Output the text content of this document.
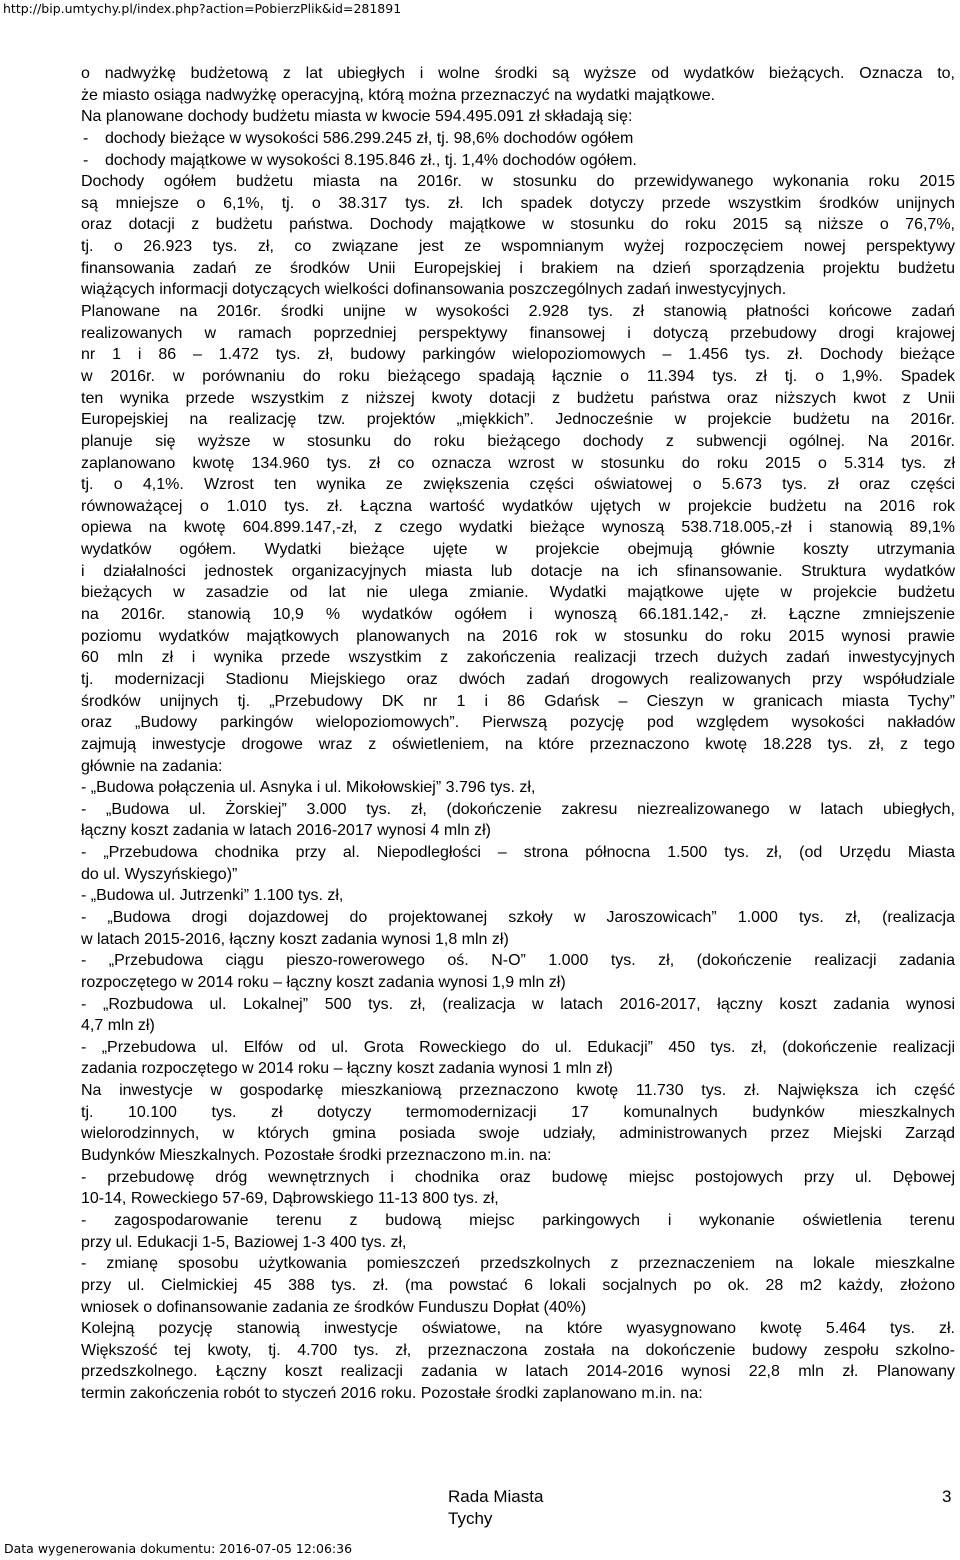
http://bip.umtychy.pl/index.php?action=PobierzPlik&id=281891
o nadwyżkę budżetową z lat ubiegłych i wolne środki są wyższe od wydatków bieżących. Oznacza to,
że miasto osiąga nadwyżkę operacyjną, którą można przeznaczyć na wydatki majątkowe.
Na planowane dochody budżetu miasta w kwocie 594.495.091 zł składają się:
- dochody bieżące w wysokości 586.299.245 zł, tj. 98,6% dochodów ogółem
- dochody majątkowe w wysokości 8.195.846 zł., tj. 1,4% dochodów ogółem.
Dochody ogółem budżetu miasta na 2016r. w stosunku do przewidywanego wykonania roku 2015
są mniejsze o 6,1%, tj. o 38.317 tys. zł. Ich spadek dotyczy przede wszystkim środków unijnych
oraz dotacji z budżetu państwa. Dochody majątkowe w stosunku do roku 2015 są niższe o 76,7%,
tj. o 26.923 tys. zł, co związane jest ze wspomnianym wyżej rozpoczęciem nowej perspektywy
finansowania zadań ze środków Unii Europejskiej i brakiem na dzień sporządzenia projektu budżetu
wiążących informacji dotyczących wielkości dofinansowania poszczególnych zadań inwestycyjnych.
Planowane na 2016r. środki unijne w wysokości 2.928 tys. zł stanowią płatności końcowe zadań
realizowanych w ramach poprzedniej perspektywy finansowej i dotyczą przebudowy drogi krajowej
nr 1 i 86 – 1.472 tys. zł, budowy parkingów wielopoziomowych – 1.456 tys. zł. Dochody bieżące
w 2016r. w porównaniu do roku bieżącego spadają łącznie o 11.394 tys. zł tj. o 1,9%. Spadek
ten wynika przede wszystkim z niższej kwoty dotacji z budżetu państwa oraz niższych kwot z Unii
Europejskiej na realizację tzw. projektów „miękkich”. Jednocześnie w projekcie budżetu na 2016r.
planuje się wyższe w stosunku do roku bieżącego dochody z subwencji ogólnej. Na 2016r.
zaplanowano kwotę 134.960 tys. zł co oznacza wzrost w stosunku do roku 2015 o 5.314 tys. zł
tj. o 4,1%. Wzrost ten wynika ze zwiększenia części oświatowej o 5.673 tys. zł oraz części
równoważącej o 1.010 tys. zł. Łączna wartość wydatków ujętych w projekcie budżetu na 2016 rok
opiewa na kwotę 604.899.147,-zł, z czego wydatki bieżące wynoszą 538.718.005,-zł i stanowią 89,1%
wydatków ogółem. Wydatki bieżące ujęte w projekcie obejmują głównie koszty utrzymania
i działalności jednostek organizacyjnych miasta lub dotacje na ich sfinansowanie. Struktura wydatków
bieżących w zasadzie od lat nie ulega zmianie. Wydatki majątkowe ujęte w projekcie budżetu
na 2016r. stanowią 10,9 % wydatków ogółem i wynoszą 66.181.142,- zł. Łączne zmniejszenie
poziomu wydatków majątkowych planowanych na 2016 rok w stosunku do roku 2015 wynosi prawie
60 mln zł i wynika przede wszystkim z zakończenia realizacji trzech dużych zadań inwestycyjnych
tj. modernizacji Stadionu Miejskiego oraz dwóch zadań drogowych realizowanych przy współudziale
środków unijnych tj. „Przebudowy DK nr 1 i 86 Gdańsk – Cieszyn w granicach miasta Tychy”
oraz „Budowy parkingów wielopoziomowych”. Pierwszą pozycję pod względem wysokości nakładów
zajmują inwestycje drogowe wraz z oświetleniem, na które przeznaczono kwotę 18.228 tys. zł, z tego
głównie na zadania:
- „Budowa połączenia ul. Asnyka i ul. Mikołowskiej” 3.796 tys. zł,
- „Budowa ul. Żorskiej” 3.000 tys. zł, (dokończenie zakresu niezrealizowanego w latach ubiegłych,
łączny koszt zadania w latach 2016-2017 wynosi 4 mln zł)
- „Przebudowa chodnika przy al. Niepodległości – strona północna 1.500 tys. zł, (od Urzędu Miasta
do ul. Wyszyńskiego)”
- „Budowa ul. Jutrzenki” 1.100 tys. zł,
- „Budowa drogi dojazdowej do projektowanej szkoły w Jaroszowicach” 1.000 tys. zł, (realizacja
w latach 2015-2016, łączny koszt zadania wynosi 1,8 mln zł)
- „Przebudowa ciągu pieszo-rowerowego oś. N-O” 1.000 tys. zł, (dokończenie realizacji zadania
rozpoczętego w 2014 roku – łączny koszt zadania wynosi 1,9 mln zł)
- „Rozbudowa ul. Lokalnej” 500 tys. zł, (realizacja w latach 2016-2017, łączny koszt zadania wynosi
4,7 mln zł)
- „Przebudowa ul. Elfów od ul. Grota Roweckiego do ul. Edukacji” 450 tys. zł, (dokończenie realizacji
zadania rozpoczętego w 2014 roku – łączny koszt zadania wynosi 1 mln zł)
Na inwestycje w gospodarkę mieszkaniową przeznaczono kwotę 11.730 tys. zł. Największa ich część
tj. 10.100 tys. zł dotyczy termomodernizacji 17 komunalnych budynków mieszkalnych
wielorodzinnych, w których gmina posiada swoje udziały, administrowanych przez Miejski Zarząd
Budynków Mieszkalnych. Pozostałe środki przeznaczono m.in. na:
- przebudowę dróg wewnętrznych i chodnika oraz budowę miejsc postojowych przy ul. Dębowej
10-14, Roweckiego 57-69, Dąbrowskiego 11-13 800 tys. zł,
- zagospodarowanie terenu z budową miejsc parkingowych i wykonanie oświetlenia terenu
przy ul. Edukacji 1-5, Baziowej 1-3 400 tys. zł,
- zmianę sposobu użytkowania pomieszczeń przedszkolnych z przeznaczeniem na lokale mieszkalne
przy ul. Cielmickiej 45 388 tys. zł. (ma powstać 6 lokali socjalnych po ok. 28 m2 każdy, złożono
wniosek o dofinansowanie zadania ze środków Funduszu Dopłat (40%)
Kolejną pozycję stanowią inwestycje oświatowe, na które wyasygnowano kwotę 5.464 tys. zł.
Większość tej kwoty, tj. 4.700 tys. zł, przeznaczona została na dokończenie budowy zespołu szkolno-
przedszkolnego. Łączny koszt realizacji zadania w latach 2014-2016 wynosi 22,8 mln zł. Planowany
termin zakończenia robót to styczeń 2016 roku. Pozostałe środki zaplanowano m.in. na:
Rada Miasta
Tychy
3
Data wygenerowania dokumentu: 2016-07-05 12:06:36
